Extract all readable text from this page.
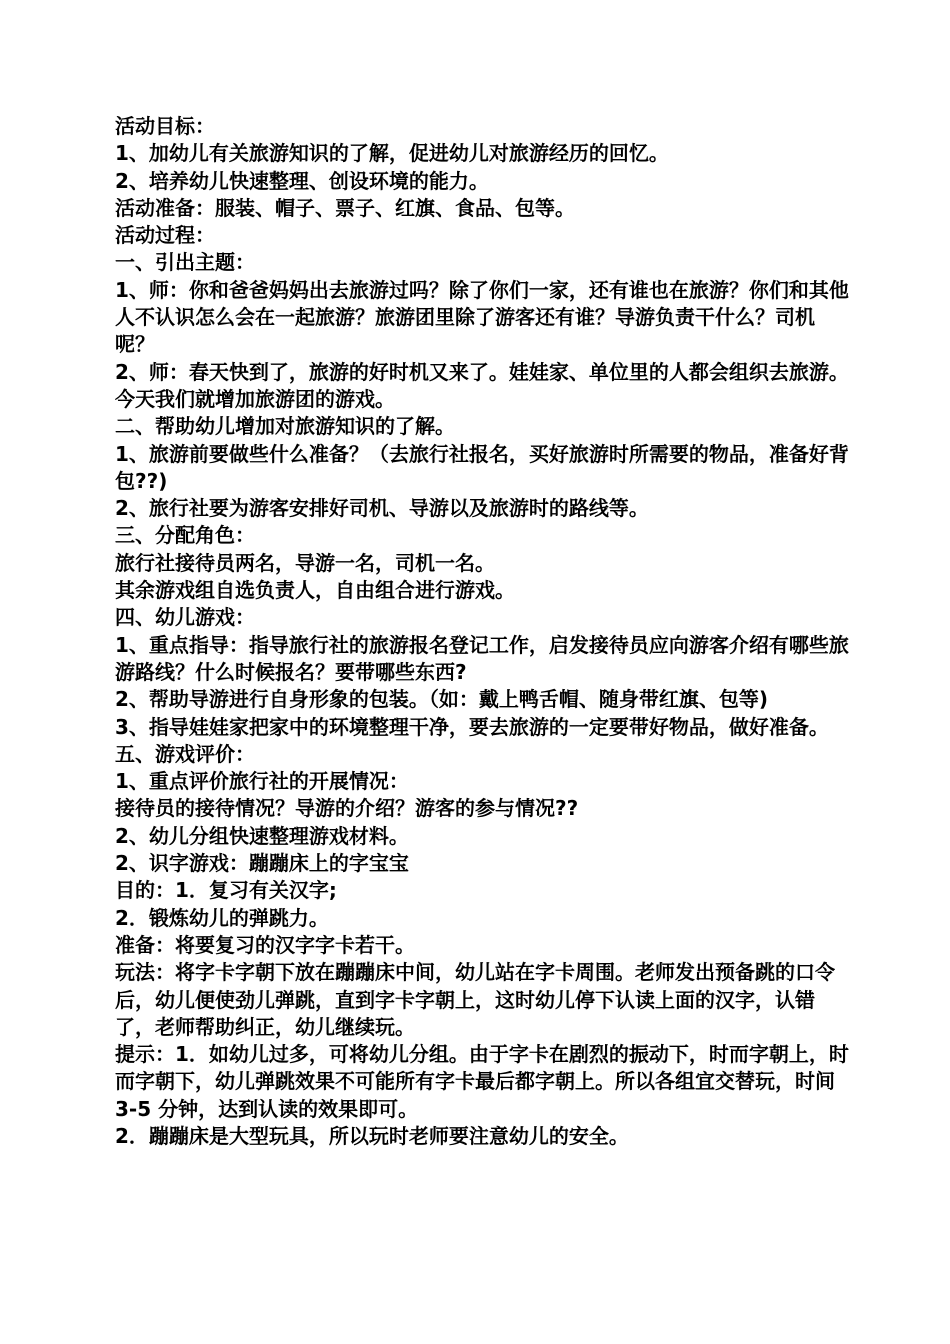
活动目标：

1、加幼儿有关旅游知识的了解，促进幼儿对旅游经历的回忆。

2、培养幼儿快速整理、创设环境的能力。

活动准备：服装、帽子、票子、红旗、食品、包等。

活动过程：

一、引出主题：

1、师：你和爸爸妈妈出去旅游过吗？除了你们一家，还有谁也在旅游？你们和其他人不认识怎么会在一起旅游？旅游团里除了游客还有谁？导游负责干什么？司机呢？

2、师：春天快到了，旅游的好时机又来了。娃娃家、单位里的人都会组织去旅游。今天我们就增加旅游团的游戏。

二、帮助幼儿增加对旅游知识的了解。

1、旅游前要做些什么准备？（去旅行社报名，买好旅游时所需要的物品，准备好背包??)

2、旅行社要为游客安排好司机、导游以及旅游时的路线等。

三、分配角色：

旅行社接待员两名，导游一名，司机一名。

其余游戏组自选负责人，自由组合进行游戏。

四、幼儿游戏：

1、重点指导：指导旅行社的旅游报名登记工作，启发接待员应向游客介绍有哪些旅游路线？什么时候报名？要带哪些东西?

2、帮助导游进行自身形象的包装。（如：戴上鸭舌帽、随身带红旗、包等)

3、指导娃娃家把家中的环境整理干净，要去旅游的一定要带好物品，做好准备。

五、游戏评价：

1、重点评价旅行社的开展情况：

接待员的接待情况？导游的介绍？游客的参与情况??

2、幼儿分组快速整理游戏材料。

2、识字游戏：蹦蹦床上的字宝宝

目的：1．复习有关汉字;

2．锻炼幼儿的弹跳力。

准备：将要复习的汉字字卡若干。

玩法：将字卡字朝下放在蹦蹦床中间，幼儿站在字卡周围。老师发出预备跳的口令后，幼儿便使劲儿弹跳，直到字卡字朝上，这时幼儿停下认读上面的汉字，认错了，老师帮助纠正，幼儿继续玩。

提示：1．如幼儿过多，可将幼儿分组。由于字卡在剧烈的振动下，时而字朝上，时而字朝下，幼儿弹跳效果不可能所有字卡最后都字朝上。所以各组宜交替玩，时间 3-5 分钟，达到认读的效果即可。

2．蹦蹦床是大型玩具，所以玩时老师要注意幼儿的安全。
